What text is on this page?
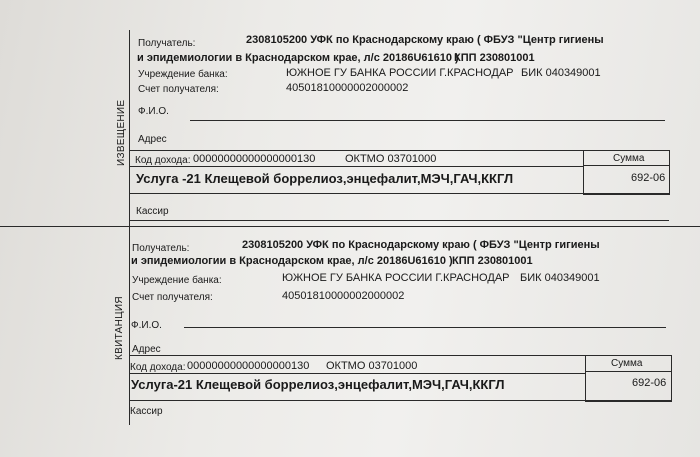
ИЗВЕЩЕНИЕ
Получатель:	2308105200 УФК по Краснодарскому краю ( ФБУЗ "Центр гигиены
и эпидемиологии в Краснодарском крае, л/с 20186U61610 )
КПП 230801001
Учреждение банка:	ЮЖНОЕ ГУ БАНКА РОССИИ Г.КРАСНОДАР БИК 040349001
Счет получателя:	40501810000002000002
Ф.И.О.
Адрес
Код дохода: 00000000000000000130	ОКТМО 03701000	Сумма
692-06
Услуга -21 Клещевой боррелиоз,энцефалит,МЭЧ,ГАЧ,ККГЛ
Кассир
КВИТАНЦИЯ
Получатель:	2308105200 УФК по Краснодарскому краю ( ФБУЗ "Центр гигиены
и эпидемиологии в Краснодарском крае, л/с 20186U61610 ) КПП 230801001
Учреждение банка:	ЮЖНОЕ ГУ БАНКА РОССИИ Г.КРАСНОДАР БИК 040349001
Счет получателя:	40501810000002000002
Ф.И.О.
Адрес
Код дохода: 00000000000000000130 ОКТМО 03701000	Сумма
692-06
Услуга-21 Клещевой боррелиоз,энцефалит,МЭЧ,ГАЧ,ККГЛ
Кассир
